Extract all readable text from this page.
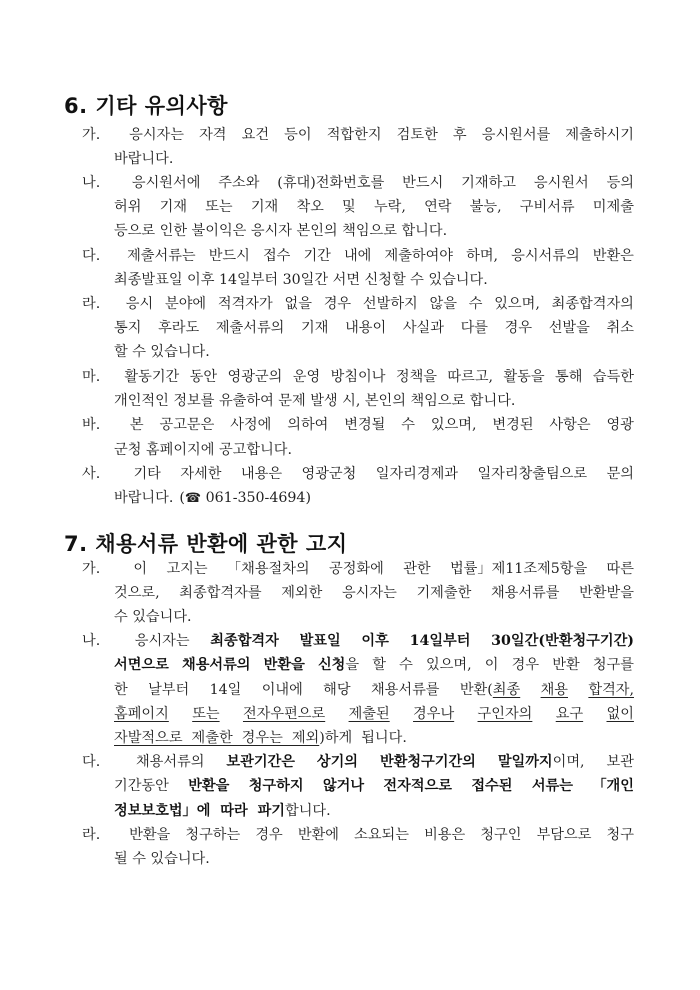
6. 기타 유의사항
가.	응시자는 자격 요건 등이 적합한지 검토한 후 응시원서를 제출하시기
바랍니다.
나.	응시원서에 주소와 (휴대)전화번호를 반드시 기재하고 응시원서 등의
허위 기재 또는 기재 착오 및 누락, 연락 불능, 구비서류 미제출
등으로 인한 불이익은 응시자 본인의 책임으로 합니다.
다.	제출서류는 반드시 접수 기간 내에 제출하여야 하며, 응시서류의 반환은
최종발표일 이후 14일부터 30일간 서면 신청할 수 있습니다.
라.	응시 분야에 적격자가 없을 경우 선발하지 않을 수 있으며, 최종합격자의
통지 후라도 제출서류의 기재 내용이 사실과 다를 경우 선발을 취소
할 수 있습니다.
마.	활동기간 동안 영광군의 운영 방침이나 정책을 따르고, 활동을 통해 습득한
개인적인 정보를 유출하여 문제 발생 시, 본인의 책임으로 합니다.
바.	본 공고문은 사정에 의하여 변경될 수 있으며, 변경된 사항은 영광
군청 홈페이지에 공고합니다.
사.	기타 자세한 내용은 영광군청 일자리경제과 일자리창출팀으로 문의
바랍니다. (☎ 061-350-4694)
7. 채용서류 반환에 관한 고지
가.	이 고지는 「채용절차의 공정화에 관한 법률」제11조제5항을 따른
것으로, 최종합격자를 제외한 응시자는 기제출한 채용서류를 반환받을
수 있습니다.
나.	응시자는 최종합격자 발표일 이후 14일부터 30일간(반환청구기간)
서면으로 채용서류의 반환을 신청을 할 수 있으며, 이 경우 반환 청구를
한 날부터 14일 이내에 해당 채용서류를 반환(최종 채용 합격자,
홈페이지 또는 전자우편으로 제출된 경우나 구인자의 요구 없이
자발적으로  제출한  경우는  제외 )하게  됩니다.
다.	채용서류의 보관기간은 상기의 반환청구기간의 말일까지이며, 보관
기간동안 반환을 청구하지 않거나 전자적으로 접수된 서류는 「개인
정보보호법」에  따라  파기 합니다.
라.	반환을 청구하는 경우 반환에 소요되는 비용은 청구인 부담으로 청구
될 수 있습니다.
